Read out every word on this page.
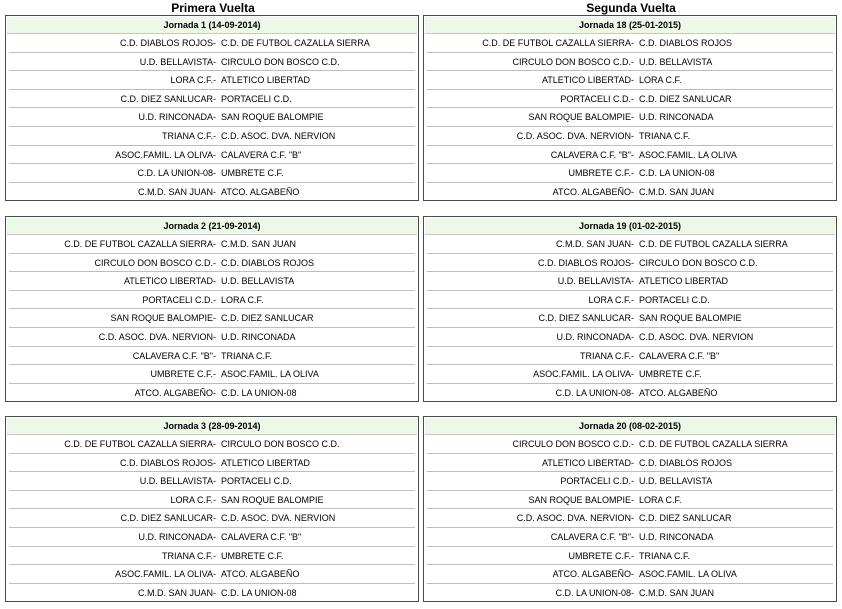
Primera Vuelta	Segunda Vuelta
Jornada 1 (14-09-2014)
C.D. DIABLOS ROJOS - C.D. DE FUTBOL CAZALLA SIERRA
U.D. BELLAVISTA - CIRCULO DON BOSCO C.D.
LORA C.F. - ATLETICO LIBERTAD
C.D. DIEZ SANLUCAR - PORTACELI C.D.
U.D. RINCONADA - SAN ROQUE BALOMPIE
TRIANA C.F. - C.D. ASOC. DVA. NERVION
ASOC.FAMIL. LA OLIVA - CALAVERA C.F. "B"
C.D. LA UNION-08 - UMBRETE C.F.
C.M.D. SAN JUAN - ATCO. ALGABEÑO
Jornada 18 (25-01-2015)
C.D. DE FUTBOL CAZALLA SIERRA - C.D. DIABLOS ROJOS
CIRCULO DON BOSCO C.D. - U.D. BELLAVISTA
ATLETICO LIBERTAD - LORA C.F.
PORTACELI C.D. - C.D. DIEZ SANLUCAR
SAN ROQUE BALOMPIE - U.D. RINCONADA
C.D. ASOC. DVA. NERVION - TRIANA C.F.
CALAVERA C.F. "B" - ASOC.FAMIL. LA OLIVA
UMBRETE C.F. - C.D. LA UNION-08
ATCO. ALGABEÑO - C.M.D. SAN JUAN
Jornada 2 (21-09-2014)
C.D. DE FUTBOL CAZALLA SIERRA - C.M.D. SAN JUAN
CIRCULO DON BOSCO C.D. - C.D. DIABLOS ROJOS
ATLETICO LIBERTAD - U.D. BELLAVISTA
PORTACELI C.D. - LORA C.F.
SAN ROQUE BALOMPIE - C.D. DIEZ SANLUCAR
C.D. ASOC. DVA. NERVION - U.D. RINCONADA
CALAVERA C.F. "B" - TRIANA C.F.
UMBRETE C.F. - ASOC.FAMIL. LA OLIVA
ATCO. ALGABEÑO - C.D. LA UNION-08
Jornada 19 (01-02-2015)
C.M.D. SAN JUAN - C.D. DE FUTBOL CAZALLA SIERRA
C.D. DIABLOS ROJOS - CIRCULO DON BOSCO C.D.
U.D. BELLAVISTA - ATLETICO LIBERTAD
LORA C.F. - PORTACELI C.D.
C.D. DIEZ SANLUCAR - SAN ROQUE BALOMPIE
U.D. RINCONADA - C.D. ASOC. DVA. NERVION
TRIANA C.F. - CALAVERA C.F. "B"
ASOC.FAMIL. LA OLIVA - UMBRETE C.F.
C.D. LA UNION-08 - ATCO. ALGABEÑO
Jornada 3 (28-09-2014)
C.D. DE FUTBOL CAZALLA SIERRA - CIRCULO DON BOSCO C.D.
C.D. DIABLOS ROJOS - ATLETICO LIBERTAD
U.D. BELLAVISTA - PORTACELI C.D.
LORA C.F. - SAN ROQUE BALOMPIE
C.D. DIEZ SANLUCAR - C.D. ASOC. DVA. NERVION
U.D. RINCONADA - CALAVERA C.F. "B"
TRIANA C.F. - UMBRETE C.F.
ASOC.FAMIL. LA OLIVA - ATCO. ALGABEÑO
C.M.D. SAN JUAN - C.D. LA UNION-08
Jornada 20 (08-02-2015)
CIRCULO DON BOSCO C.D. - C.D. DE FUTBOL CAZALLA SIERRA
ATLETICO LIBERTAD - C.D. DIABLOS ROJOS
PORTACELI C.D. - U.D. BELLAVISTA
SAN ROQUE BALOMPIE - LORA C.F.
C.D. ASOC. DVA. NERVION - C.D. DIEZ SANLUCAR
CALAVERA C.F. "B" - U.D. RINCONADA
UMBRETE C.F. - TRIANA C.F.
ATCO. ALGABEÑO - ASOC.FAMIL. LA OLIVA
C.D. LA UNION-08 - C.M.D. SAN JUAN
